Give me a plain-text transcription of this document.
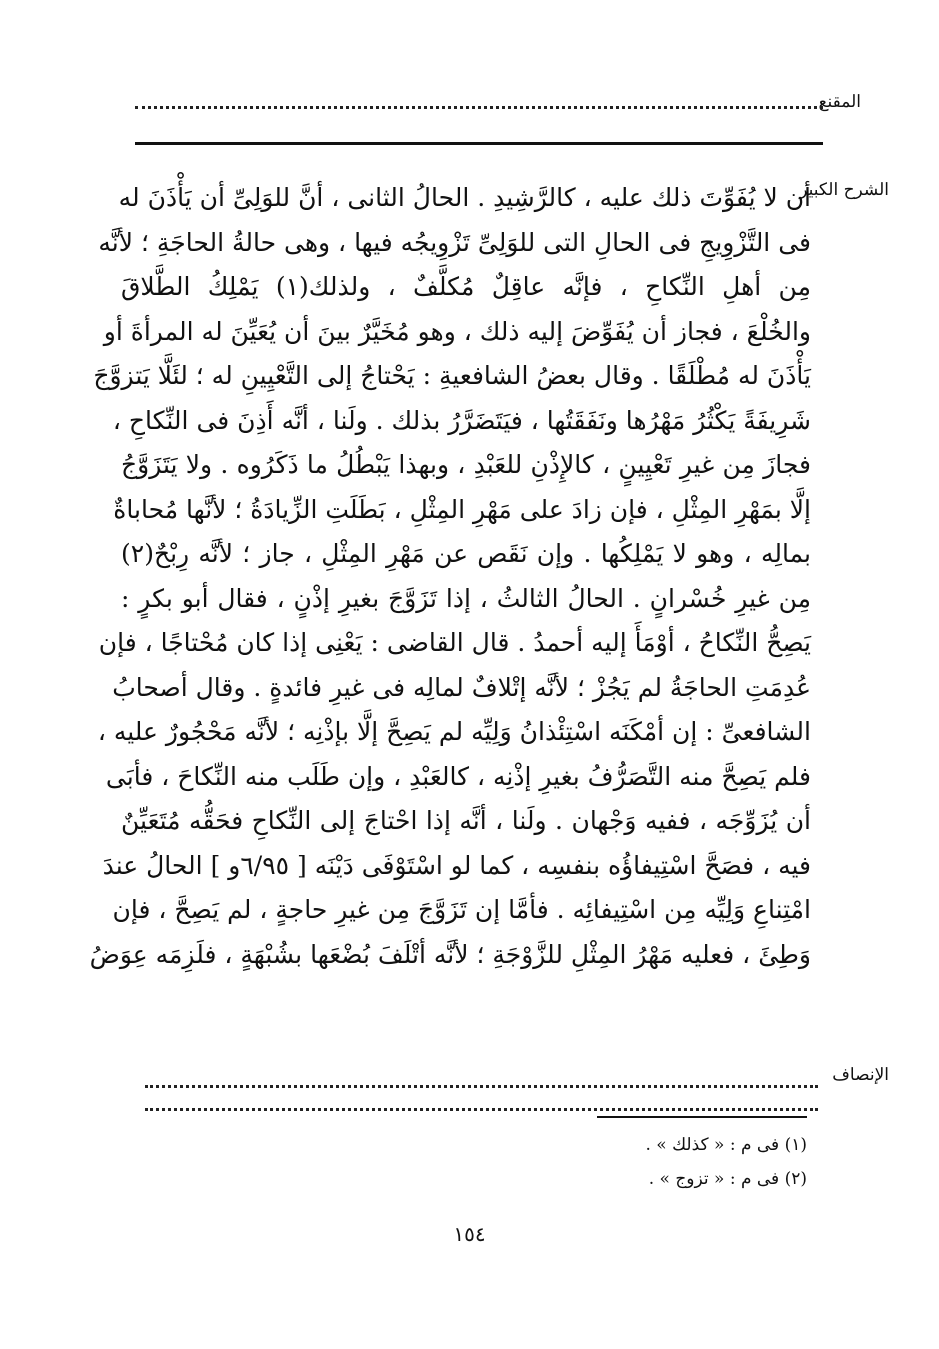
المقنع
الشرح الكبير
أن لا يُفَوِّتَ ذلك عليه ، كالرَّشِيدِ . الحالُ الثانى ، أنَّ للوَلِىِّ أن يَأْذَنَ له
فى التَّزْوِيجِ فى الحالِ التى للوَلِىِّ تَزْوِيجُه فيها ، وهى حالةُ الحاجَةِ ؛ لأنَّه
مِن أهلِ النِّكاحِ ، فإنَّه عاقِلٌ مُكلَّفٌ ، ولذلك(١) يَمْلِكُ الطَّلاقَ
والخُلْعَ ، فجاز أن يُفَوِّضَ إليه ذلك ، وهو مُخَيَّرٌ بينَ أن يُعَيِّنَ له المرأةَ أو
يَأْذَنَ له مُطْلَقًا . وقال بعضُ الشافعيةِ : يَحْتاجُ إلى التَّعْيِينِ له ؛ لئَلَّا يَتزوَّجَ
شَرِيفَةً يَكْثُرُ مَهْرُها ونَفَقَتُها ، فيَتَضَرَّرُ بذلك . ولَنا ، أنَّه أَذِنَ فى النِّكاحِ ،
فجازَ مِن غيرِ تَعْيِينٍ ، كالإِذْنِ للعَبْدِ ، وبهذا يَبْطُلُ ما ذَكَرُوه . ولا يَتَزَوَّجُ
إلَّا بمَهْرِ المِثْلِ ، فإن زادَ على مَهْرِ المِثْلِ ، بَطَلَتِ الزِّيادَةُ ؛ لأنَّها مُحاباةٌ
بمالِه ، وهو لا يَمْلِكُها . وإن نَقَص عن مَهْرِ المِثْلِ ، جاز ؛ لأنَّه رِبْحٌ(٢)
مِن غيرِ خُسْرانٍ . الحالُ الثالثُ ، إذا تَزَوَّجَ بغيرِ إذْنٍ ، فقال أبو بكرٍ :
يَصِحُّ النِّكاحُ ، أوْمَأَ إليه أحمدُ . قال القاضى : يَعْنِى إذا كان مُحْتاجًا ، فإن
عُدِمَتِ الحاجَةُ لم يَجُزْ ؛ لأنَّه إتْلافٌ لمالِه فى غيرِ فائدةٍ . وقال أصحابُ
الشافعىِّ : إن أمْكَنَه اسْتِئْذانُ وَلِيِّه لم يَصِحَّ إلَّا بإذْنِه ؛ لأنَّه مَحْجُورٌ عليه ،
فلم يَصِحَّ منه التَّصَرُّفُ بغيرِ إذْنِه ، كالعَبْدِ ، وإن طَلَب منه النِّكاحَ ، فأبَى
أن يُزَوِّجَه ، ففيه وَجْهان . ولَنا ، أنَّه إذا احْتاجَ إلى النِّكاحِ فحَقُّه مُتَعَيِّنٌ
فيه ، فصَحَّ اسْتِيفاؤُه بنفسِه ، كما لو اسْتَوْفَى دَيْنَه [ ٦/٩٥و ] الحالُ عندَ
امْتِناعِ وَلِيِّه مِن اسْتِيفائِه . فأمَّا إن تَزَوَّجَ مِن غيرِ حاجةٍ ، لم يَصِحَّ ، فإن
وَطِئَ ، فعليه مَهْرُ المِثْلِ للزَّوْجَةِ ؛ لأنَّه أتْلَفَ بُضْعَها بشُبْهَةٍ ، فلَزِمَه عِوَضُ
الإنصاف
(١) فى م : « كذلك » .
(٢) فى م : « تزوج » .
١٥٤
